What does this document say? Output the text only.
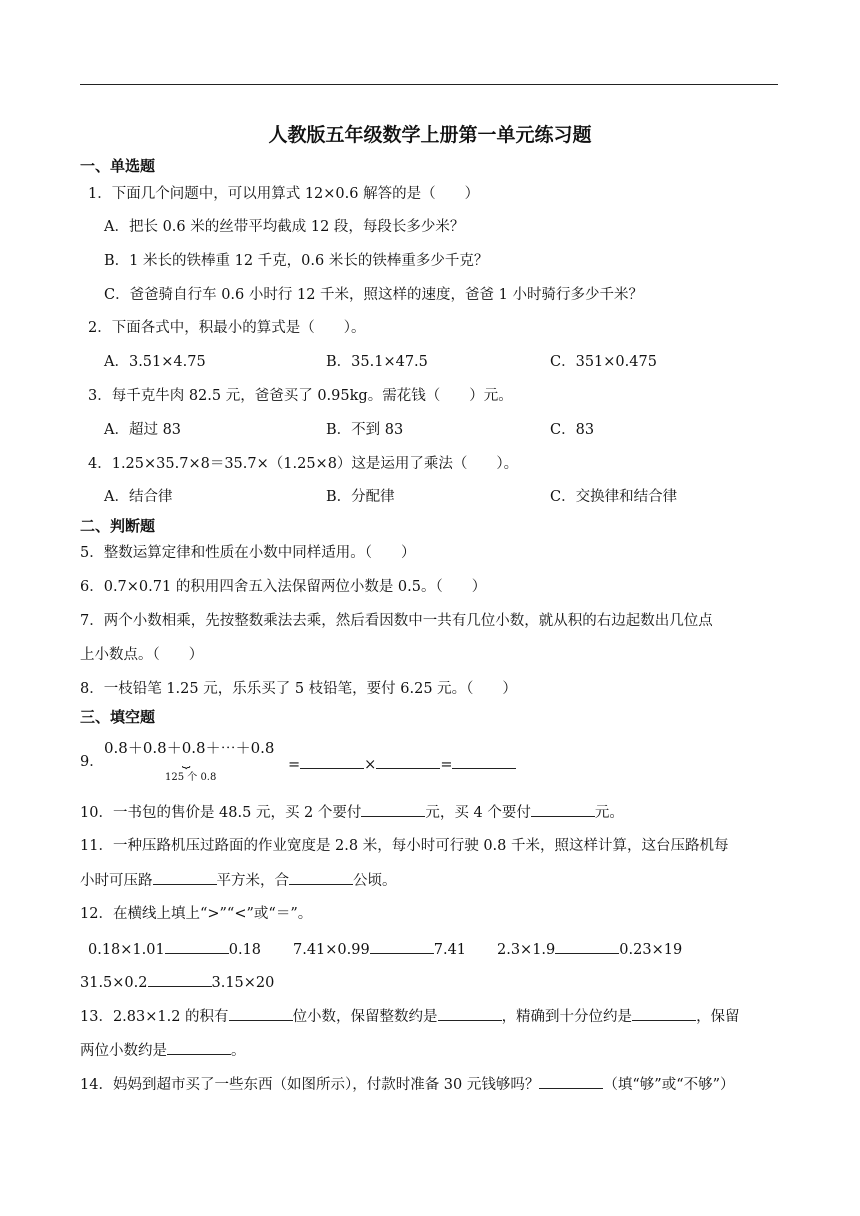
人教版五年级数学上册第一单元练习题
一、单选题
1．下面几个问题中，可以用算式 12×0.6 解答的是（　　）
A．把长 0.6 米的丝带平均截成 12 段，每段长多少米？
B．1 米长的铁棒重 12 千克，0.6 米长的铁棒重多少千克？
C．爸爸骑自行车 0.6 小时行 12 千米，照这样的速度，爸爸 1 小时骑行多少千米？
2．下面各式中，积最小的算式是（　　）。
A．3.51×4.75	B．35.1×47.5	C．351×0.475
3．每千克牛肉 82.5 元，爸爸买了 0.95kg。需花钱（　　）元。
A．超过 83	B．不到 83	C．83
4．1.25×35.7×8＝35.7×（1.25×8）这是运用了乘法（　　）。
A．结合律	B．分配律	C．交换律和结合律
二、判断题
5．整数运算定律和性质在小数中同样适用。（　　）
6．0.7×0.71 的积用四舍五入法保留两位小数是 0.5。（　　）
7．两个小数相乘，先按整数乘法去乘，然后看因数中一共有几位小数，就从积的右边起数出几位点
上小数点。（　　）
8．一枝铅笔 1.25 元，乐乐买了 5 枝铅笔，要付 6.25 元。（　　）
三、填空题
9．
0.8＋0.8＋0.8＋⋯＋0.8
⏟
125 个 0.8
=	×	=
10．一书包的售价是 48.5 元，买 2 个要付	元，买 4 个要付	元。
11．一种压路机压过路面的作业宽度是 2.8 米，每小时可行驶 0.8 千米，照这样计算，这台压路机每
小时可压路	平方米，合	公顷。
12．在横线上填上“>”“<”或“＝”。
0.18×1.01	0.18 7.41×0.99	7.41 2.3×1.9	0.23×19
31.5×0.2	3.15×20
13．2.83×1.2 的积有	位小数，保留整数约是	，精确到十分位约是	，保留
两位小数约是	。
14．妈妈到超市买了一些东西（如图所示），付款时准备 30 元钱够吗？	（填“够”或“不够”）
